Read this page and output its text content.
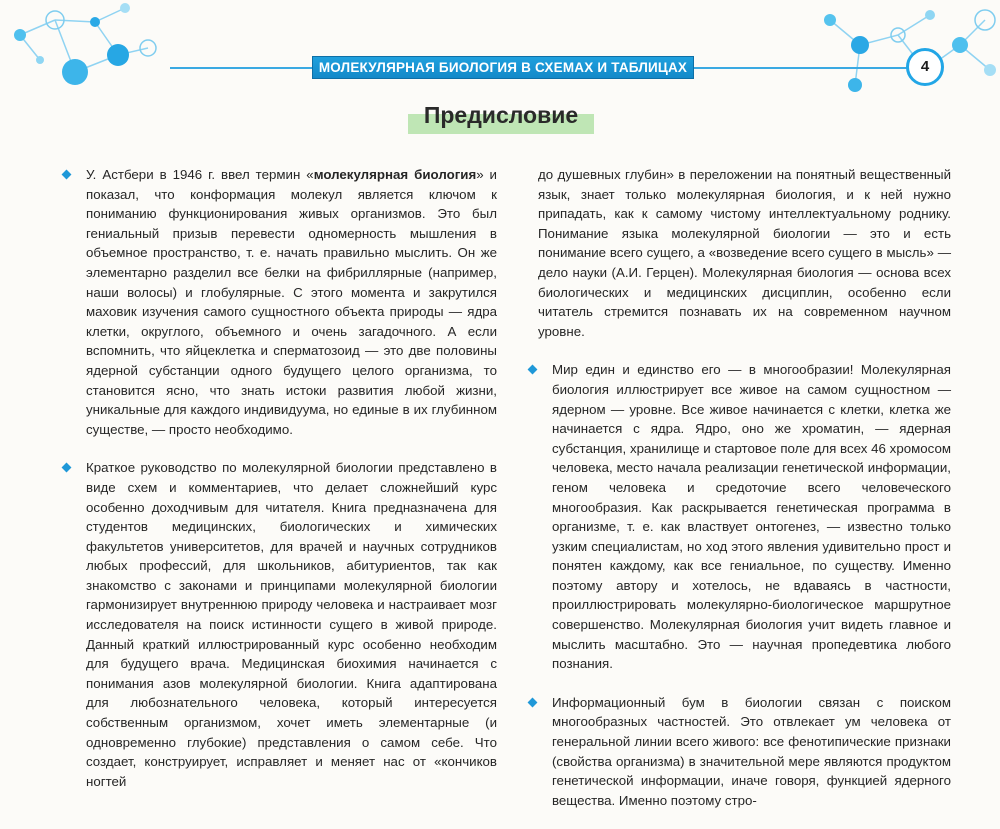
МОЛЕКУЛЯРНАЯ БИОЛОГИЯ В СХЕМАХ И ТАБЛИЦАХ	4
Предисловие
У. Астбери в 1946 г. ввел термин «молекулярная биология» и показал, что конформация молекул является ключом к пониманию функционирования живых организмов. Это был гениальный призыв перевести одномерность мышления в объемное пространство, т. е. начать правильно мыслить. Он же элементарно разделил все белки на фибриллярные (например, наши волосы) и глобулярные. С этого момента и закрутился маховик изучения самого сущностного объекта природы — ядра клетки, округлого, объемного и очень загадочного. А если вспомнить, что яйцеклетка и сперматозоид — это две половины ядерной субстанции одного будущего целого организма, то становится ясно, что знать истоки развития любой жизни, уникальные для каждого индивидуума, но единые в их глубинном существе, — просто необходимо.
Краткое руководство по молекулярной биологии представлено в виде схем и комментариев, что делает сложнейший курс особенно доходчивым для читателя. Книга предназначена для студентов медицинских, биологических и химических факультетов университетов, для врачей и научных сотрудников любых профессий, для школьников, абитуриентов, так как знакомство с законами и принципами молекулярной биологии гармонизирует внутреннюю природу человека и настраивает мозг исследователя на поиск истинности сущего в живой природе. Данный краткий иллюстрированный курс особенно необходим для будущего врача. Медицинская биохимия начинается с понимания азов молекулярной биологии. Книга адаптирована для любознательного человека, который интересуется собственным организмом, хочет иметь элементарные (и одновременно глубокие) представления о самом себе. Что создает, конструирует, исправляет и меняет нас от «кончиков ногтей
до душевных глубин» в переложении на понятный вещественный язык, знает только молекулярная биология, и к ней нужно припадать, как к самому чистому интеллектуальному роднику. Понимание языка молекулярной биологии — это и есть понимание всего сущего, а «возведение всего сущего в мысль» — дело науки (А.И. Герцен). Молекулярная биология — основа всех биологических и медицинских дисциплин, особенно если читатель стремится познавать их на современном научном уровне.
Мир един и единство его — в многообразии! Молекулярная биология иллюстрирует все живое на самом сущностном — ядерном — уровне. Все живое начинается с клетки, клетка же начинается с ядра. Ядро, оно же хроматин, — ядерная субстанция, хранилище и стартовое поле для всех 46 хромосом человека, место начала реализации генетической информации, геном человека и средоточие всего человеческого многообразия. Как раскрывается генетическая программа в организме, т. е. как властвует онтогенез, — известно только узким специалистам, но ход этого явления удивительно прост и понятен каждому, как все гениальное, по существу. Именно поэтому автору и хотелось, не вдаваясь в частности, проиллюстрировать молекулярно-биологическое маршрутное совершенство. Молекулярная биология учит видеть главное и мыслить масштабно. Это — научная пропедевтика любого познания.
Информационный бум в биологии связан с поиском многообразных частностей. Это отвлекает ум человека от генеральной линии всего живого: все фенотипические признаки (свойства организма) в значительной мере являются продуктом генетической информации, иначе говоря, функцией ядерного вещества. Именно поэтому стро-
